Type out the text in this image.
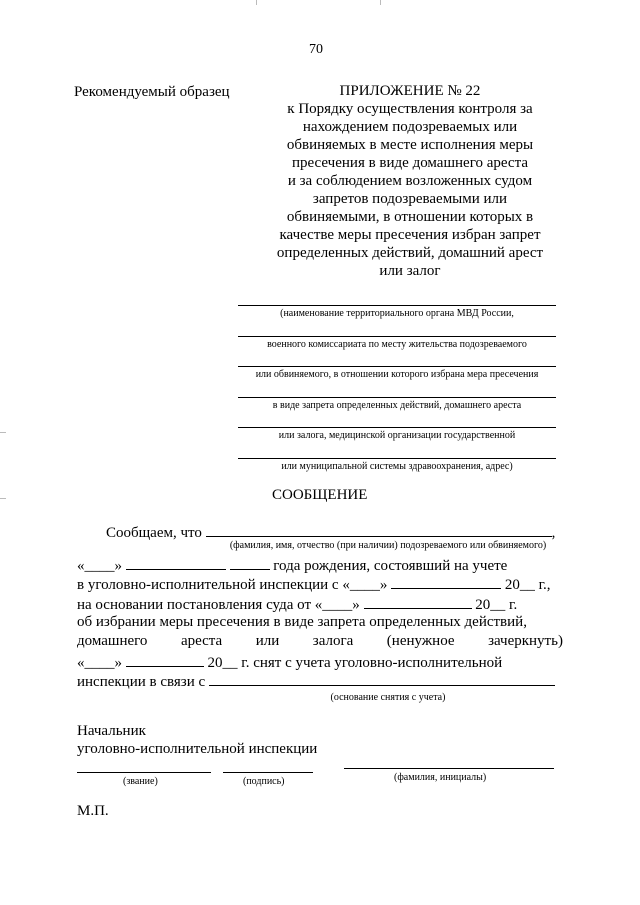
70
Рекомендуемый образец	ПРИЛОЖЕНИЕ № 22
к Порядку осуществления контроля за
нахождением подозреваемых или
обвиняемых в месте исполнения меры
пресечения в виде домашнего ареста
и за соблюдением возложенных судом
запретов подозреваемыми или
обвиняемыми, в отношении которых в
качестве меры пресечения избран запрет
определенных действий, домашний арест
или залог
(наименование территориального органа МВД России,
военного комиссариата по месту жительства подозреваемого
или обвиняемого, в отношении которого избрана мера пресечения
в виде запрета определенных действий, домашнего ареста
или залога, медицинской организации государственной
или муниципальной системы здравоохранения, адрес)
СООБЩЕНИЕ
Сообщаем, что	,
(фамилия, имя, отчество (при наличии) подозреваемого или обвиняемого)
«____»	года рождения, состоявший на учете
в уголовно-исполнительной инспекции с «____»	20__ г.,
на основании постановления суда от «____»	20__ г.
об избрании меры пресечения в виде запрета определенных действий,
домашнего ареста или залога (ненужное зачеркнуть)
«____»	20__ г. снят с учета уголовно-исполнительной
инспекции в связи с
(основание снятия с учета)
Начальник
уголовно-исполнительной инспекции
(звание)	(подпись)	(фамилия, инициалы)
М.П.
